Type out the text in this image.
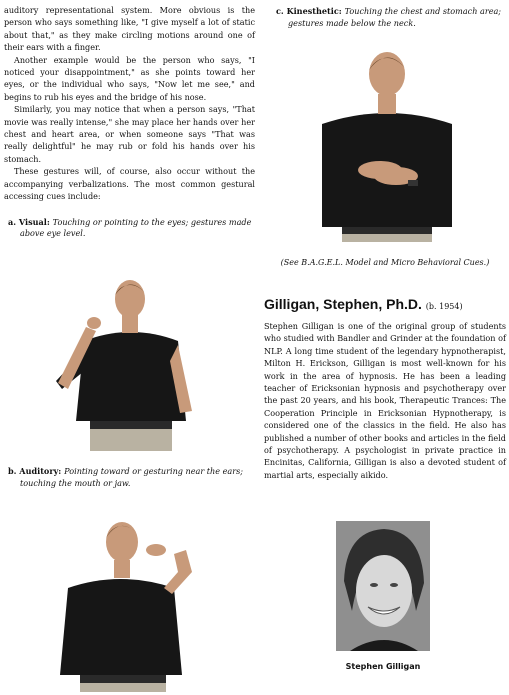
auditory representational system. More obvious is the person who says something like, "I give myself a lot of static about that," as they make circling motions around one of their ears with a finger.

Another example would be the person who says, "I noticed your disappointment," as she points toward her eyes, or the individual who says, "Now let me see," and begins to rub his eyes and the bridge of his nose.

Similarly, you may notice that when a person says, "That movie was really intense," she may place her hands over her chest and heart area, or when someone says "That was really delightful" he may rub or fold his hands over his stomach.

These gestures will, of course, also occur without the accompanying verbalizations. The most common gestural accessing cues include:

a. Visual: Touching or pointing to the eyes; gestures made above eye level.
b. Auditory: Pointing toward or gesturing near the ears; touching the mouth or jaw.
c. Kinesthetic: Touching the chest and stomach area; gestures made below the neck.
(See B.A.G.E.L. Model and Micro Behavioral Cues.)
Gilligan, Stephen, Ph.D. (b. 1954)

Stephen Gilligan is one of the original group of students who studied with Bandler and Grinder at the foundation of NLP. A long time student of the legendary hypnotherapist, Milton H. Erickson, Gilligan is most well-known for his work in the area of hypnosis. He has been a leading teacher of Ericksonian hypnosis and psychotherapy over the past 20 years, and his book, Therapeutic Trances: The Cooperation Principle in Ericksonian Hypnotherapy, is considered one of the classics in the field. He also has published a number of other books and articles in the field of psychotherapy. A psychologist in private practice in Encinitas, California, Gilligan is also a devoted student of martial arts, especially aikido.

Stephen Gilligan
